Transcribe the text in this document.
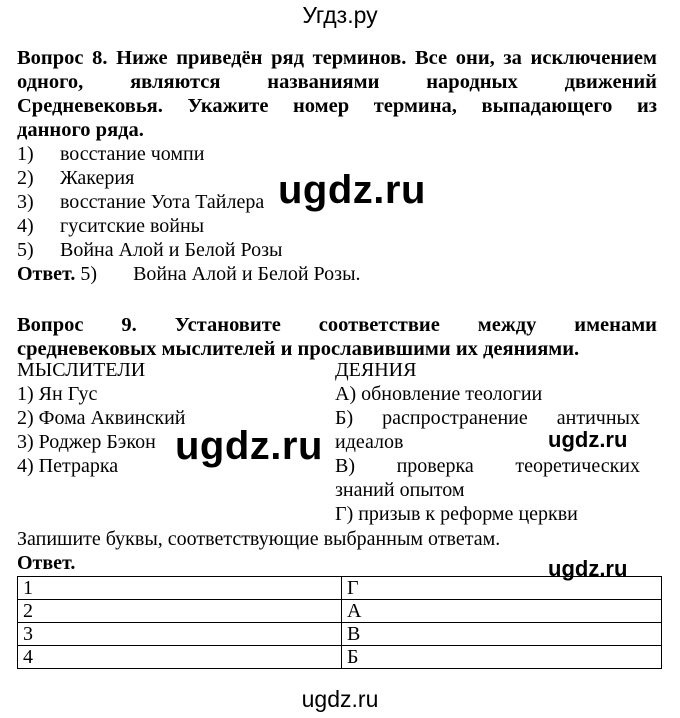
Угдз.ру
Вопрос 8. Ниже приведён ряд терминов. Все они, за исключением
одного, являются названиями народных движений
Средневековья. Укажите номер термина, выпадающего из
данного ряда.
1) восстание чомпи
2) Жакерия
3) восстание Уота Тайлера
4) гуситские войны
5) Война Алой и Белой Розы
Ответ. 5) Война Алой и Белой Розы.
Вопрос 9. Установите соответствие между именами
средневековых мыслителей и прославившими их деяниями.
МЫСЛИТЕЛИ
1) Ян Гус
2) Фома Аквинский
3) Роджер Бэкон
4) Петрарка
ДЕЯНИЯ
А) обновление теологии
Б) распространение античных
идеалов
В) проверка теоретических
знаний опытом
Г) призыв к реформе церкви
Запишите буквы, соответствующие выбранным ответам.
Ответ.
1	Г
2	А
3	В
4	Б
ugdz.ru
ugdz.ru	ugdz.ru
ugdz.ru
ugdz.ru
